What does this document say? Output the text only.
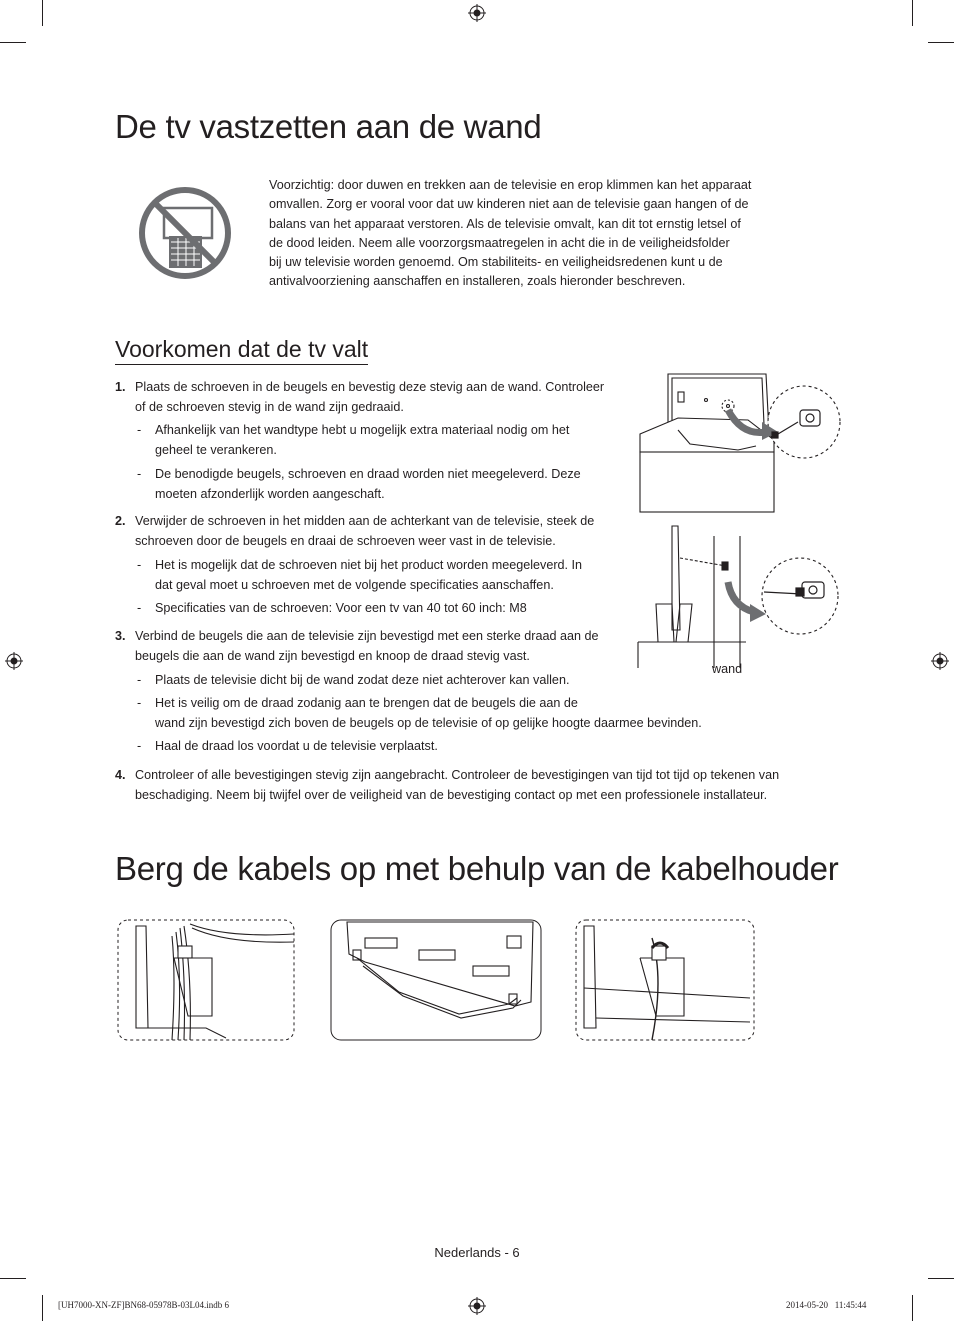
De tv vastzetten aan de wand
Voorzichtig: door duwen en trekken aan de televisie en erop klimmen kan het apparaat
omvallen. Zorg er vooral voor dat uw kinderen niet aan de televisie gaan hangen of de
balans van het apparaat verstoren. Als de televisie omvalt, kan dit tot ernstig letsel of
de dood leiden. Neem alle voorzorgsmaatregelen in acht die in de veiligheidsfolder
bij uw televisie worden genoemd. Om stabiliteits- en veiligheidsredenen kunt u de
antivalvoorziening aanschaffen en installeren, zoals hieronder beschreven.
Voorkomen dat de tv valt
1. Plaats de schroeven in de beugels en bevestig deze stevig aan de wand. Controleer
of de schroeven stevig in de wand zijn gedraaid.
- Afhankelijk van het wandtype hebt u mogelijk extra materiaal nodig om het
geheel te verankeren.
- De benodigde beugels, schroeven en draad worden niet meegeleverd. Deze
moeten afzonderlijk worden aangeschaft.
2. Verwijder de schroeven in het midden aan de achterkant van de televisie, steek de
schroeven door de beugels en draai de schroeven weer vast in de televisie.
- Het is mogelijk dat de schroeven niet bij het product worden meegeleverd. In
dat geval moet u schroeven met de volgende specificaties aanschaffen.
- Specificaties van de schroeven: Voor een tv van 40 tot 60 inch: M8
3. Verbind de beugels die aan de televisie zijn bevestigd met een sterke draad aan de
beugels die aan de wand zijn bevestigd en knoop de draad stevig vast.
- Plaats de televisie dicht bij de wand zodat deze niet achterover kan vallen.
- Het is veilig om de draad zodanig aan te brengen dat de beugels die aan de
wand zijn bevestigd zich boven de beugels op de televisie of op gelijke hoogte daarmee bevinden.
- Haal de draad los voordat u de televisie verplaatst.
4. Controleer of alle bevestigingen stevig zijn aangebracht. Controleer de bevestigingen van tijd tot tijd op tekenen van
beschadiging. Neem bij twijfel over de veiligheid van de bevestiging contact op met een professionele installateur.
wand
Berg de kabels op met behulp van de kabelhouder
Nederlands - 6
[UH7000-XN-ZF]BN68-05978B-03L04.indb 6	2014-05-20   11:45:44
